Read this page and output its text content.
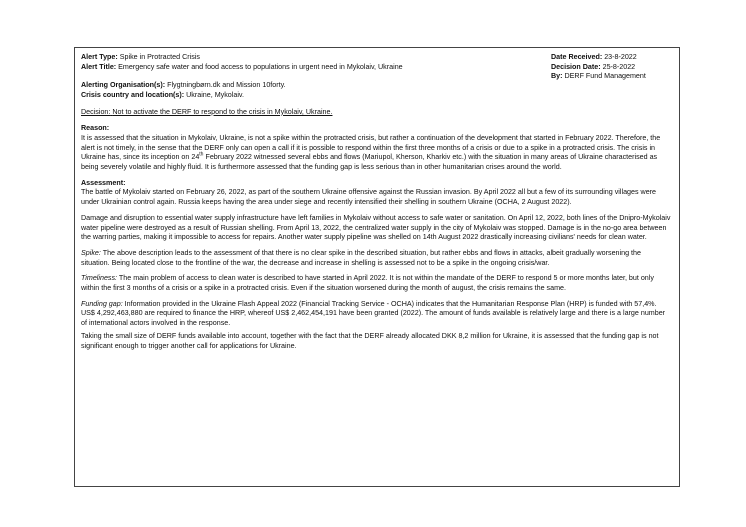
Alert Type: Spike in Protracted Crisis

Alert Title: Emergency safe water and food access to populations in urgent need in Mykolaiv, Ukraine

Date Received: 23-8-2022

Decision Date: 25-8-2022

By: DERF Fund Management

Alerting Organisation(s): Flygtningbørn.dk and Mission 10forty.

Crisis country and location(s): Ukraine, Mykolaiv.

Decision: Not to activate the DERF to respond to the crisis in Mykolaiv, Ukraine.

Reason:

It is assessed that the situation in Mykolaiv, Ukraine, is not a spike within the protracted crisis, but rather a continuation of the development that started in February 2022. Therefore, the alert is not timely, in the sense that the DERF only can open a call if it is possible to respond within the first three months of a crisis or due to a spike in a protracted crisis. The crisis in Ukraine has, since its inception on 24th February 2022 witnessed several ebbs and flows (Mariupol, Kherson, Kharkiv etc.) with the situation in many areas of Ukraine characterised as being severely volatile and highly fluid. It is furthermore assessed that the funding gap is less serious than in other humanitarian crises around the world.

Assessment:

The battle of Mykolaiv started on February 26, 2022, as part of the southern Ukraine offensive against the Russian invasion. By April 2022 all but a few of its surrounding villages were under Ukrainian control again. Russia keeps having the area under siege and recently intensified their shelling in southern Ukraine (OCHA, 2 August 2022).

Damage and disruption to essential water supply infrastructure have left families in Mykolaiv without access to safe water or sanitation. On April 12, 2022, both lines of the Dnipro-Mykolaiv water pipeline were destroyed as a result of Russian shelling. From April 13, 2022, the centralized water supply in the city of Mykolaiv was stopped. Damage is in the no-go area between the warring parties, making it impossible to access for repairs. Another water supply pipeline was shelled on 14th August 2022 drastically increasing civilians' needs for clean water.

Spike: The above description leads to the assessment of that there is no clear spike in the described situation, but rather ebbs and flows in attacks, albeit gradually worsening the situation. Being located close to the frontline of the war, the decrease and increase in shelling is assessed not to be a spike in the ongoing crisis/war.

Timeliness: The main problem of access to clean water is described to have started in April 2022. It is not within the mandate of the DERF to respond 5 or more months later, but only within the first 3 months of a crisis or a spike in a protracted crisis. Even if the situation worsened during the month of august, the crisis remains the same.

Funding gap: Information provided in the Ukraine Flash Appeal 2022 (Financial Tracking Service - OCHA) indicates that the Humanitarian Response Plan (HRP) is funded with 57,4%. US$ 4,292,463,880 are required to finance the HRP, whereof US$ 2,462,454,191 have been granted (2022). The amount of funds available is relatively large and there is a large number of international actors involved in the response.

Taking the small size of DERF funds available into account, together with the fact that the DERF already allocated DKK 8,2 million for Ukraine, it is assessed that the funding gap is not significant enough to trigger another call for applications for Ukraine.
